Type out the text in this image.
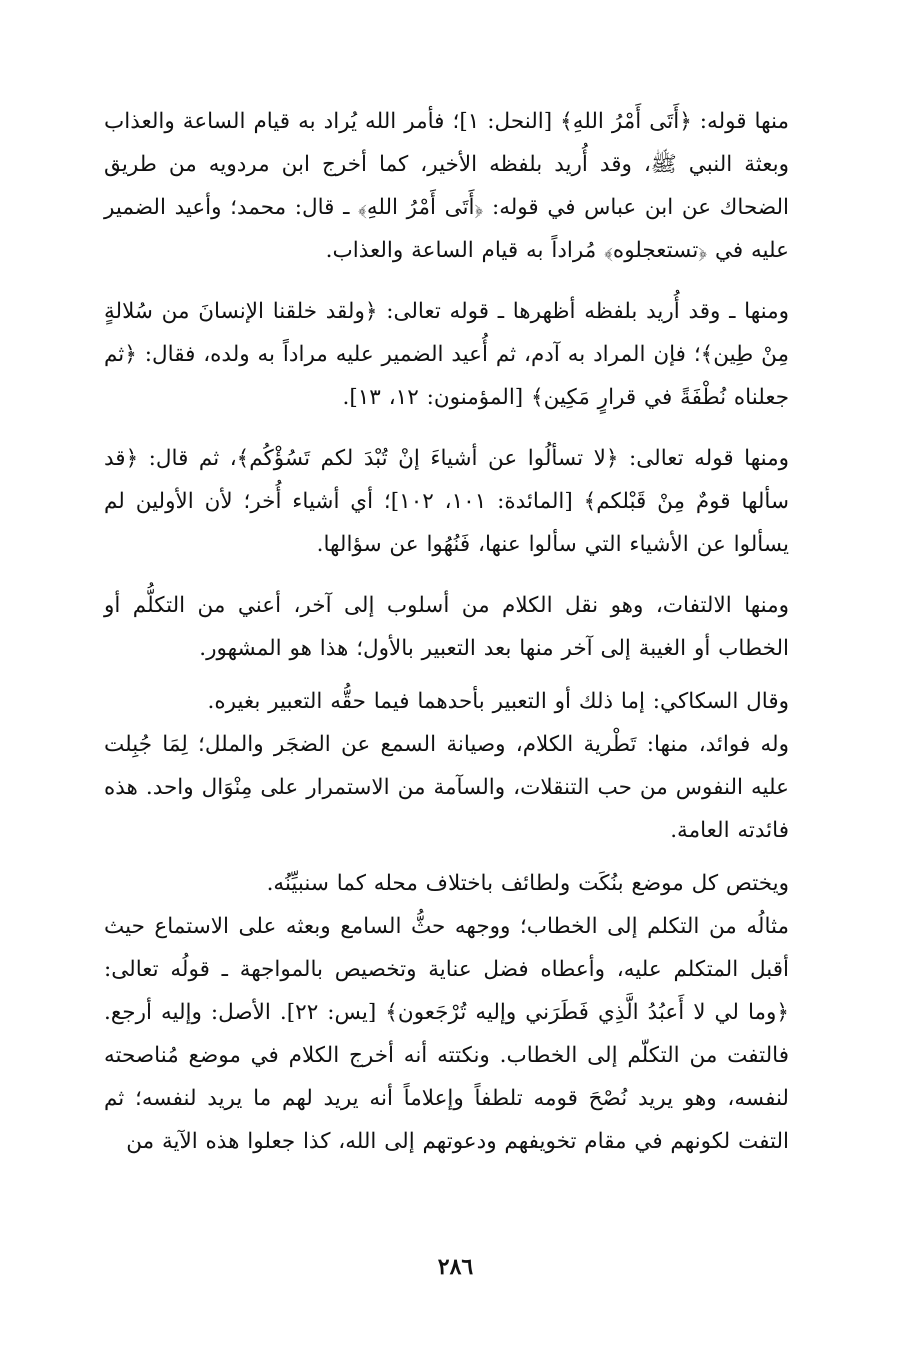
منها قوله: ﴿أَتَى أَمْرُ اللهِ﴾ [النحل: ١]؛ فأمر الله يُراد به قيام الساعة والعذاب وبعثة النبي ﷺ، وقد أُريد بلفظه الأخير، كما أخرج ابن مردويه من طريق الضحاك عن ابن عباس في قوله: ﴿أَتَى أَمْرُ اللهِ﴾ ـ قال: محمد؛ وأعيد الضمير عليه في ﴿تستعجلوه﴾ مُراداً به قيام الساعة والعذاب.

ومنها ـ وقد أُريد بلفظه أظهرها ـ قوله تعالى: ﴿ولقد خلقنا الإنسانَ من سُلالةٍ مِنْ طِين﴾؛ فإن المراد به آدم، ثم أُعيد الضمير عليه مراداً به ولده، فقال: ﴿ثم جعلناه نُطْفَةً في قرارٍ مَكِين﴾ [المؤمنون: ١٢، ١٣].

ومنها قوله تعالى: ﴿لا تسألُوا عن أشياءَ إنْ تُبْدَ لكم تَسُؤْكُم﴾، ثم قال: ﴿قد سألها قومٌ مِنْ قَبْلكم﴾ [المائدة: ١٠١، ١٠٢]؛ أي أشياء أُخر؛ لأن الأولين لم يسألوا عن الأشياء التي سألوا عنها، فَنُهُوا عن سؤالها.

ومنها الالتفات، وهو نقل الكلام من أسلوب إلى آخر، أعني من التكلُّم أو الخطاب أو الغيبة إلى آخر منها بعد التعبير بالأول؛ هذا هو المشهور.

وقال السكاكي: إما ذلك أو التعبير بأحدهما فيما حقُّه التعبير بغيره.

وله فوائد، منها: تَطْرية الكلام، وصيانة السمع عن الضجَر والملل؛ لِمَا جُبِلت عليه النفوس من حب التنقلات، والسآمة من الاستمرار على مِنْوَال واحد. هذه فائدته العامة.

ويختص كل موضع بنُكَت ولطائف باختلاف محله كما سنبيِّنُه.

مثالُه من التكلم إلى الخطاب؛ ووجهه حثُّ السامع وبعثه على الاستماع حيث أقبل المتكلم عليه، وأعطاه فضل عناية وتخصيص بالمواجهة ـ قولُه تعالى: ﴿وما لي لا أَعبُدُ الَّذِي فَطَرَني وإليه تُرْجَعون﴾ [يس: ٢٢]. الأصل: وإليه أرجع. فالتفت من التكلّم إلى الخطاب. ونكتته أنه أخرج الكلام في موضع مُناصحته لنفسه، وهو يريد نُصْحَ قومه تلطفاً وإعلاماً أنه يريد لهم ما يريد لنفسه؛ ثم التفت لكونهم في مقام تخويفهم ودعوتهم إلى الله، كذا جعلوا هذه الآية من

٢٨٦
